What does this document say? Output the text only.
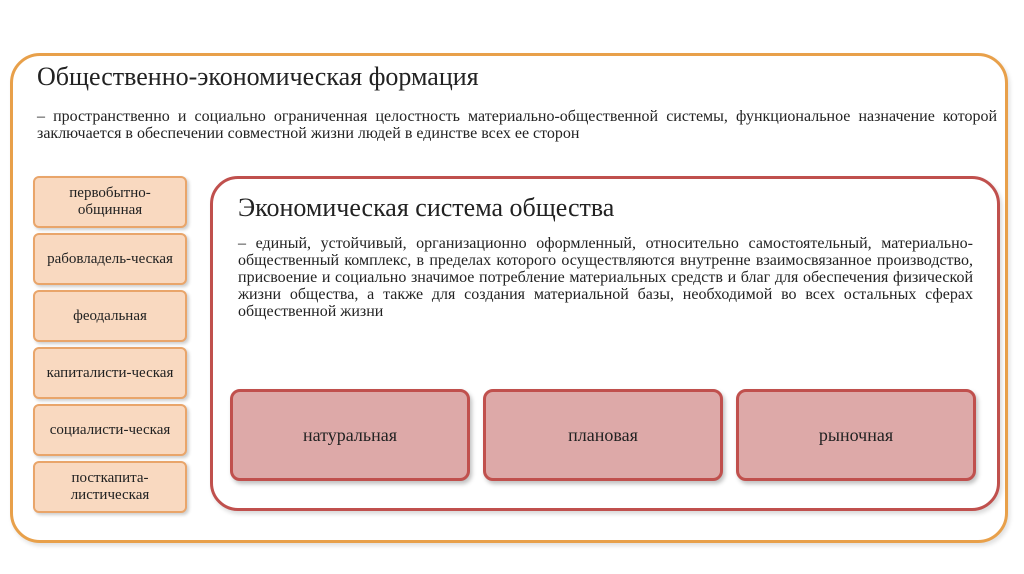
Общественно-экономическая формация

– пространственно и социально ограниченная целостность материально-общественной системы, функциональное назначение которой заключается в обеспечении совместной жизни людей в единстве всех ее сторон

первобытно-общинная
рабовладель-ческая
феодальная
капиталисти-ческая
социалисти-ческая
посткапита-листическая
Экономическая система общества

– единый, устойчивый, организационно оформленный, относительно самостоятельный, материально-общественный комплекс, в пределах которого осуществляются внутренне взаимосвязанное производство, присвоение и социально значимое потребление материальных средств и благ для обеспечения физической жизни общества, а также для создания материальной базы, необходимой во всех остальных сферах общественной жизни

натуральная	плановая	рыночная
